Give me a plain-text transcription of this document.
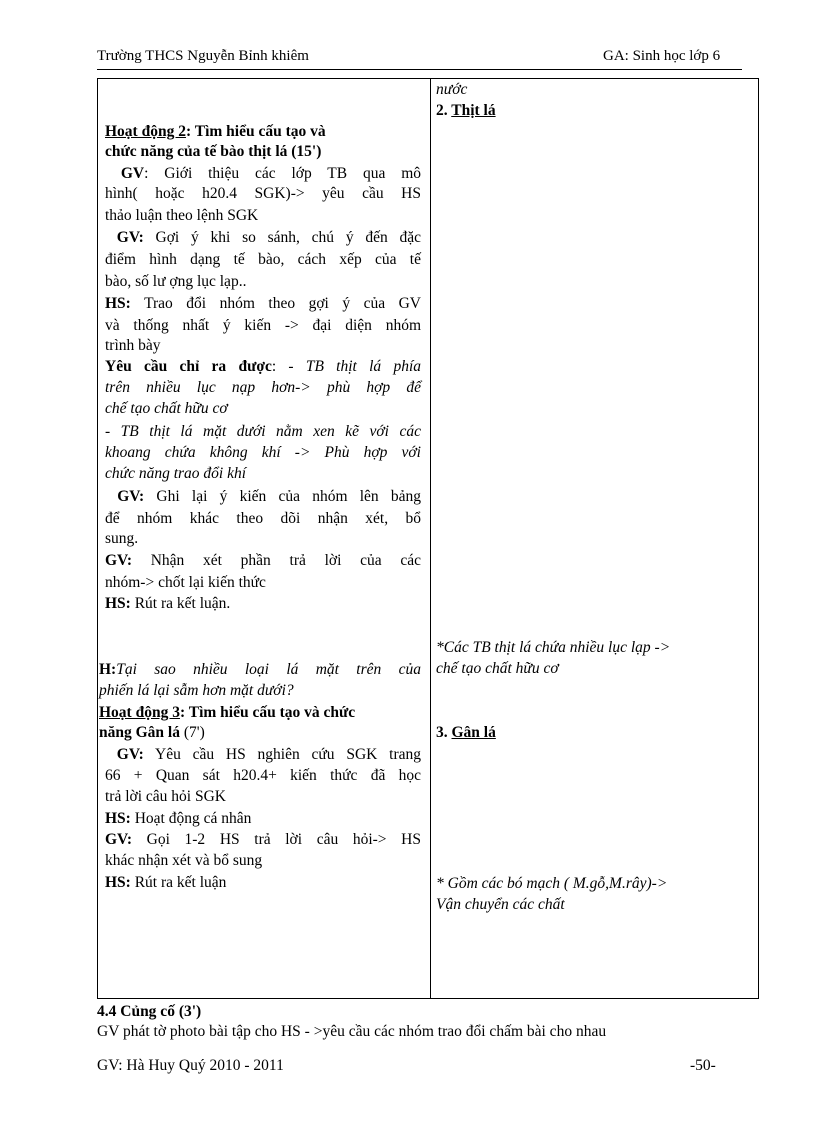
Trường THCS Nguyễn Bỉnh khiêm	GA: Sinh học lớp 6
Hoạt động 2: Tìm hiểu cấu tạo và
chức năng của tế bào thịt lá (15')
GV: Giới thiệu các lớp TB qua mô
hình( hoặc h20.4 SGK)-> yêu cầu HS
thảo luận theo lệnh SGK
GV: Gợi ý khi so sánh, chú ý đến đặc
điểm hình dạng tế bào, cách xếp của tế
bào, số lư ợng lục lạp..
HS: Trao đổi nhóm theo gợi ý của GV
và thống nhất ý kiến -> đại diện nhóm
trình bày
Yêu cầu chỉ ra được: - TB thịt lá phía
trên nhiều lục nạp hơn-> phù hợp để
chế tạo chất hữu cơ
- TB thịt lá mặt dưới nằm xen kẽ với các
khoang chứa không khí -> Phù hợp với
chức năng trao đổi khí
GV: Ghi lại ý kiến của nhóm lên bảng
để nhóm khác theo dõi nhận xét, bổ
sung.
GV: Nhận xét phần trả lời của các
nhóm-> chốt lại kiến thức
HS: Rút ra kết luận.
H:Tại sao nhiều loại lá mặt trên của
phiến lá lại sẫm hơn mặt dưới?
Hoạt động 3: Tìm hiểu cấu tạo và chức
năng Gân lá (7')
GV: Yêu cầu HS nghiên cứu SGK trang
66 + Quan sát h20.4+ kiến thức đã học
trả lời câu hỏi SGK
HS: Hoạt động cá nhân
GV: Gọi 1-2 HS trả lời câu hỏi-> HS
khác nhận xét và bổ sung
HS: Rút ra kết luận
nước
2. Thịt lá
*Các TB thịt lá chứa nhiều lục lạp ->
chế tạo chất hữu cơ
3. Gân lá
* Gồm các bó mạch ( M.gỗ,M.rây)->
Vận chuyển các chất
4.4 Củng cố (3')
GV phát tờ photo bài tập cho HS - >yêu cầu các nhóm trao đổi chấm bài cho nhau
GV: Hà Huy Quý 2010 - 2011	-50-
